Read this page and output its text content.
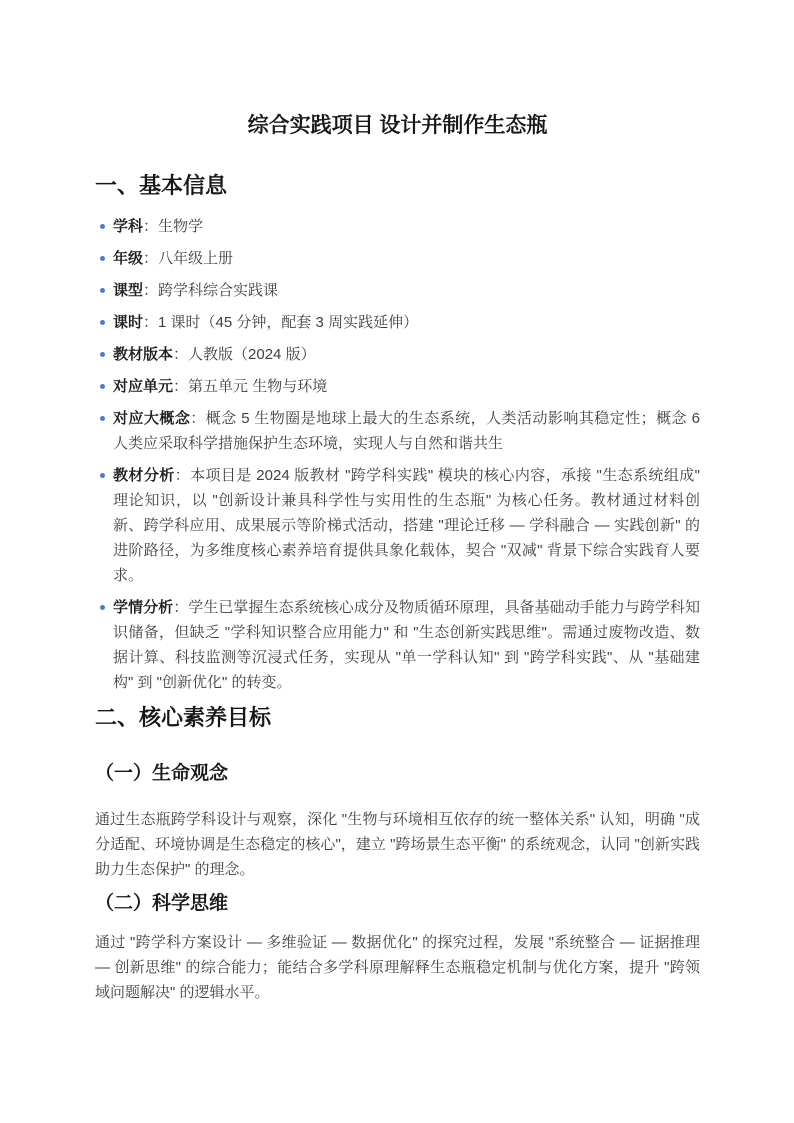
综合实践项目 设计并制作生态瓶
一、基本信息
学科：生物学
年级：八年级上册
课型：跨学科综合实践课
课时：1 课时（45 分钟，配套 3 周实践延伸）
教材版本：人教版（2024 版）
对应单元：第五单元 生物与环境
对应大概念：概念 5 生物圈是地球上最大的生态系统，人类活动影响其稳定性；概念 6 人类应采取科学措施保护生态环境，实现人与自然和谐共生
教材分析：本项目是 2024 版教材 "跨学科实践" 模块的核心内容，承接 "生态系统组成" 理论知识，以 "创新设计兼具科学性与实用性的生态瓶" 为核心任务。教材通过材料创新、跨学科应用、成果展示等阶梯式活动，搭建 "理论迁移 — 学科融合 — 实践创新" 的进阶路径，为多维度核心素养培育提供具象化载体，契合 "双减" 背景下综合实践育人要求。
学情分析：学生已掌握生态系统核心成分及物质循环原理，具备基础动手能力与跨学科知识储备，但缺乏 "学科知识整合应用能力" 和 "生态创新实践思维"。需通过废物改造、数据计算、科技监测等沉浸式任务，实现从 "单一学科认知" 到 "跨学科实践"、从 "基础建构" 到 "创新优化" 的转变。
二、核心素养目标
（一）生命观念

通过生态瓶跨学科设计与观察，深化 "生物与环境相互依存的统一整体关系" 认知，明确 "成分适配、环境协调是生态稳定的核心"，建立 "跨场景生态平衡" 的系统观念，认同 "创新实践助力生态保护" 的理念。

（二）科学思维

通过 "跨学科方案设计 — 多维验证 — 数据优化" 的探究过程，发展 "系统整合 — 证据推理 — 创新思维" 的综合能力；能结合多学科原理解释生态瓶稳定机制与优化方案，提升 "跨领域问题解决" 的逻辑水平。
